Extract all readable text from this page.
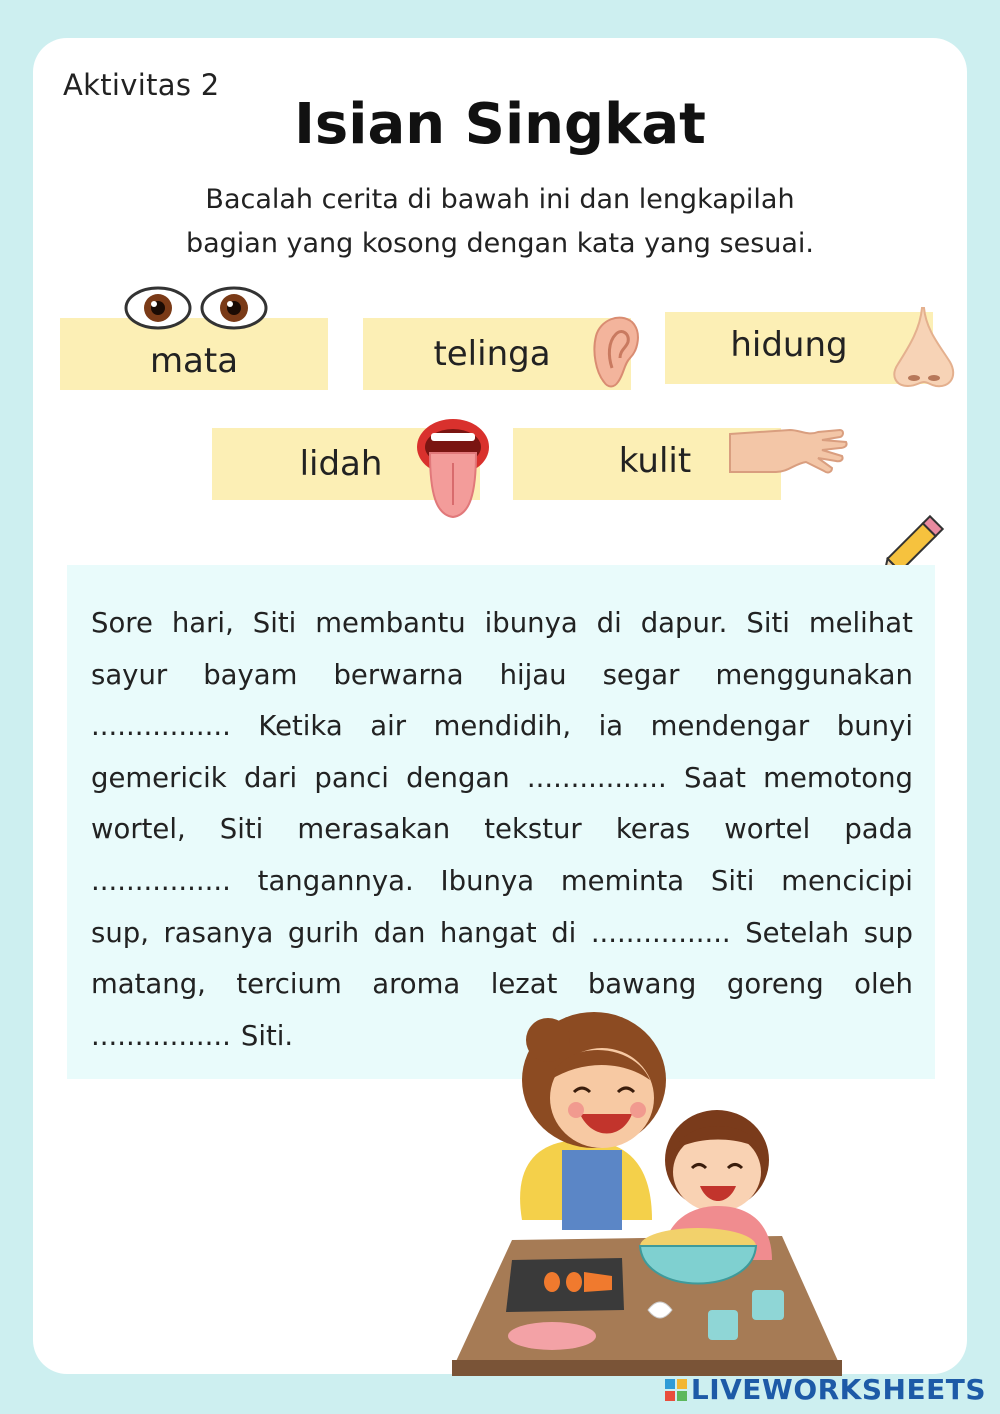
Aktivitas 2
Isian Singkat
Bacalah cerita di bawah ini dan lengkapilah
bagian yang kosong dengan kata yang sesuai.
mata	telinga	hidung
lidah	kulit
Sore hari, Siti membantu ibunya di dapur. Siti melihat
sayur bayam berwarna hijau segar menggunakan
................ Ketika air mendidih, ia mendengar bunyi
gemericik dari panci dengan ................ Saat memotong
wortel, Siti merasakan tekstur keras wortel pada
................ tangannya. Ibunya meminta Siti mencicipi
sup, rasanya gurih dan hangat di ................ Setelah sup
matang, tercium aroma lezat bawang goreng oleh
................ Siti.
LIVEWORKSHEETS
